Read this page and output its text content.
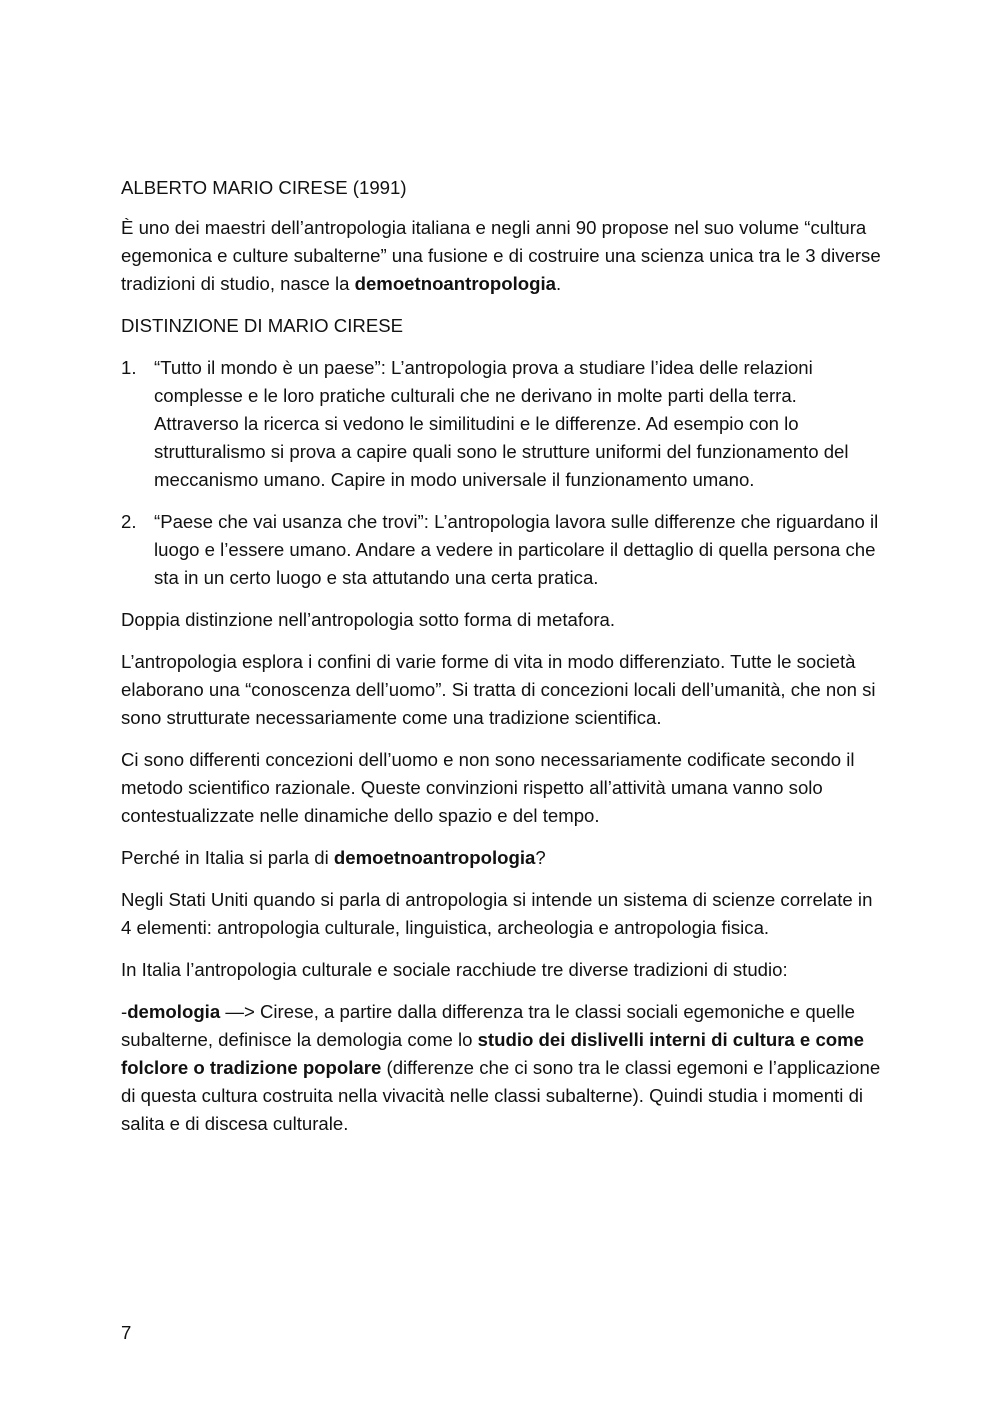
ALBERTO MARIO CIRESE (1991)

È uno dei maestri dell’antropologia italiana e negli anni 90 propose nel suo volume “cultura egemonica e culture subalterne” una fusione e di costruire una scienza unica tra le 3 diverse tradizioni di studio, nasce la demoetnoantropologia.

DISTINZIONE DI MARIO CIRESE

1. “Tutto il mondo è un paese”: L’antropologia prova a studiare l’idea delle relazioni complesse e le loro pratiche culturali che ne derivano in molte parti della terra. Attraverso la ricerca si vedono le similitudini e le differenze. Ad esempio con lo strutturalismo si prova a capire quali sono le strutture uniformi del funzionamento del meccanismo umano. Capire in modo universale il funzionamento umano.
2. “Paese che vai usanza che trovi”: L’antropologia lavora sulle differenze che riguardano il luogo e l’essere umano. Andare a vedere in particolare il dettaglio di quella persona che sta in un certo luogo e sta attutando una certa pratica.

Doppia distinzione nell’antropologia sotto forma di metafora.

L’antropologia esplora i confini di varie forme di vita in modo differenziato. Tutte le società elaborano una “conoscenza dell’uomo”. Si tratta di concezioni locali dell’umanità, che non si sono strutturate necessariamente come una tradizione scientifica.

Ci sono differenti concezioni dell’uomo e non sono necessariamente codificate secondo il metodo scientifico razionale. Queste convinzioni rispetto all’attività umana vanno solo contestualizzate nelle dinamiche dello spazio e del tempo.

Perché in Italia si parla di demoetnoantropologia?

Negli Stati Uniti quando si parla di antropologia si intende un sistema di scienze correlate in 4 elementi: antropologia culturale, linguistica, archeologia e antropologia fisica.

In Italia l’antropologia culturale e sociale racchiude tre diverse tradizioni di studio:

-demologia —> Cirese, a partire dalla differenza tra le classi sociali egemoniche e quelle subalterne, definisce la demologia come lo studio dei dislivelli interni di cultura e come folclore o tradizione popolare (differenze che ci sono tra le classi egemoni e l’applicazione di questa cultura costruita nella vivacità nelle classi subalterne). Quindi studia i momenti di salita e di discesa culturale.

7
